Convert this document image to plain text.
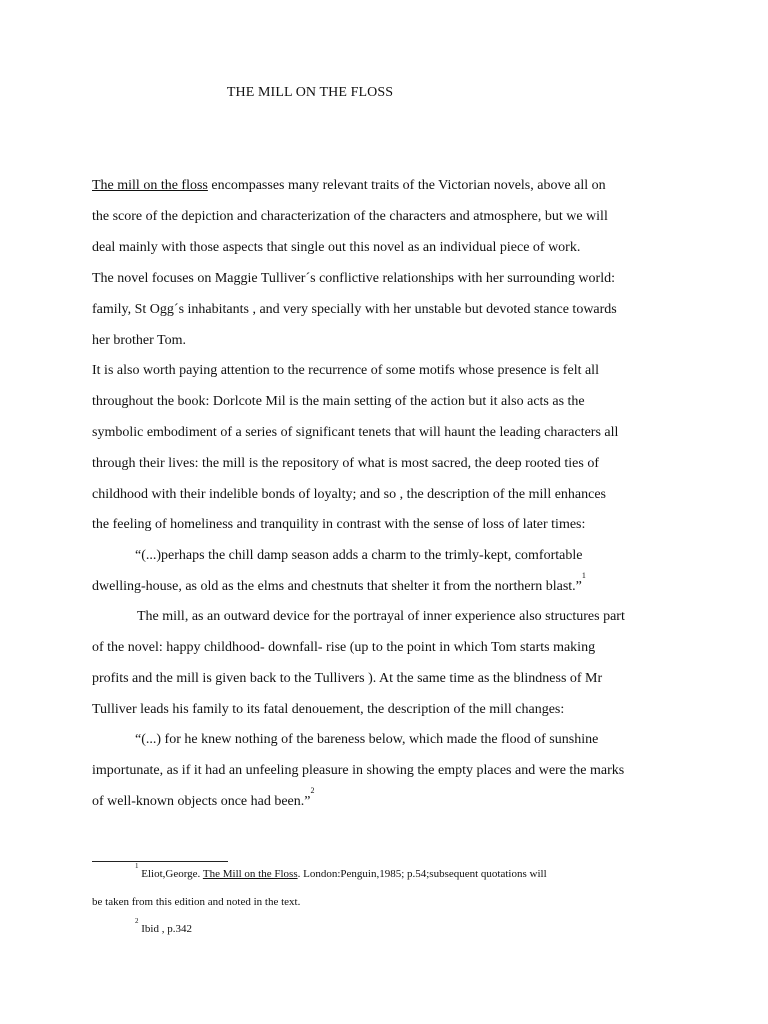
THE MILL ON THE FLOSS
The mill on the floss encompasses many relevant traits of the Victorian novels, above all on
the score of the depiction and characterization of the characters and atmosphere, but we will
deal mainly with those aspects that single out this novel as an individual piece of work.
The novel focuses on Maggie Tulliver´s conflictive relationships with her surrounding world:
family, St Ogg´s inhabitants , and very specially with her unstable but devoted stance towards
her brother Tom.
It is also worth paying attention to the recurrence of some motifs whose presence is felt all
throughout the book: Dorlcote Mil is the main setting of the action but it also acts as the
symbolic embodiment of a series of significant tenets that will haunt the leading characters all
through their lives: the mill is the repository of what is most sacred, the deep rooted ties of
childhood with their indelible bonds of loyalty; and so , the description of the mill enhances
the feeling of homeliness and tranquility in contrast with the sense of loss of later times:
“(...)perhaps the chill damp season adds a charm to the trimly-kept, comfortable
dwelling-house, as old as the elms and chestnuts that shelter it from the northern blast.”$^1$
The mill, as an outward device for the portrayal of inner experience also structures part
of the novel: happy childhood- downfall- rise (up to the point in which Tom starts making
profits and the mill is given back to the Tullivers ). At the same time as the blindness of Mr
Tulliver leads his family to its fatal denouement, the description of the mill changes:
“(...) for he knew nothing of the bareness below, which made the flood of sunshine
importunate, as if it had an unfeeling pleasure in showing the empty places and were the marks
of well-known objects once had been.”$^2$
$^1$ Eliot,George. The Mill on the Floss. London:Penguin,1985; p.54;subsequent quotations will
be taken from this edition and noted in the text.
$^2$ Ibid , p.342
